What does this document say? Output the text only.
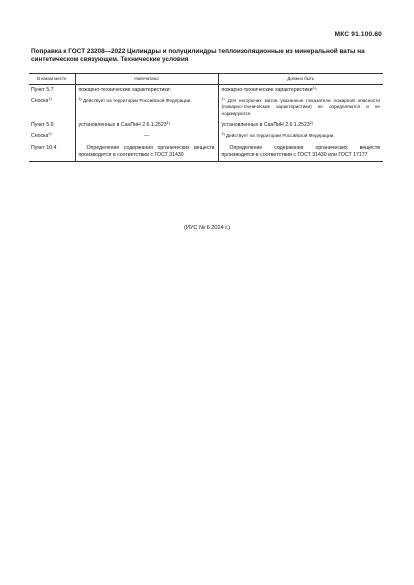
МКС 91.100.60
Поправка к ГОСТ 23208—2022 Цилиндры и полуцилиндры теплоизоляционные из минеральной ваты на синтетическом связующем. Технические условия
В каком месте	Напечатано	Должно быть
Пункт 5.7	пожарно-технические характеристики:	пожарно-технические характеристики$^{1)}$:
Сноска$^{1)}$	$^{1)}$ Действует на территории Российской Федерации.	$^{1)}$ Для негорючих матов указанные показатели пожарной опасности (пожарно-технические характеристики) не определяются и не нормируются.
Пункт 5.9	установленных в СанПиН 2.6.1.2523$^{1)}$	установленных в СанПиН 2.6.1.2523$^{2)}$
Сноска$^{2)}$	—	$^{2)}$ Действует на территории Российской Федерации.
Пункт 10.4	Определение содержания органических веществ производится в соответствии с ГОСТ 31430	Определение содержания органических веществ производится в соответствии с ГОСТ 31430 или ГОСТ 17177
(ИУС № 6 2024 г.)
